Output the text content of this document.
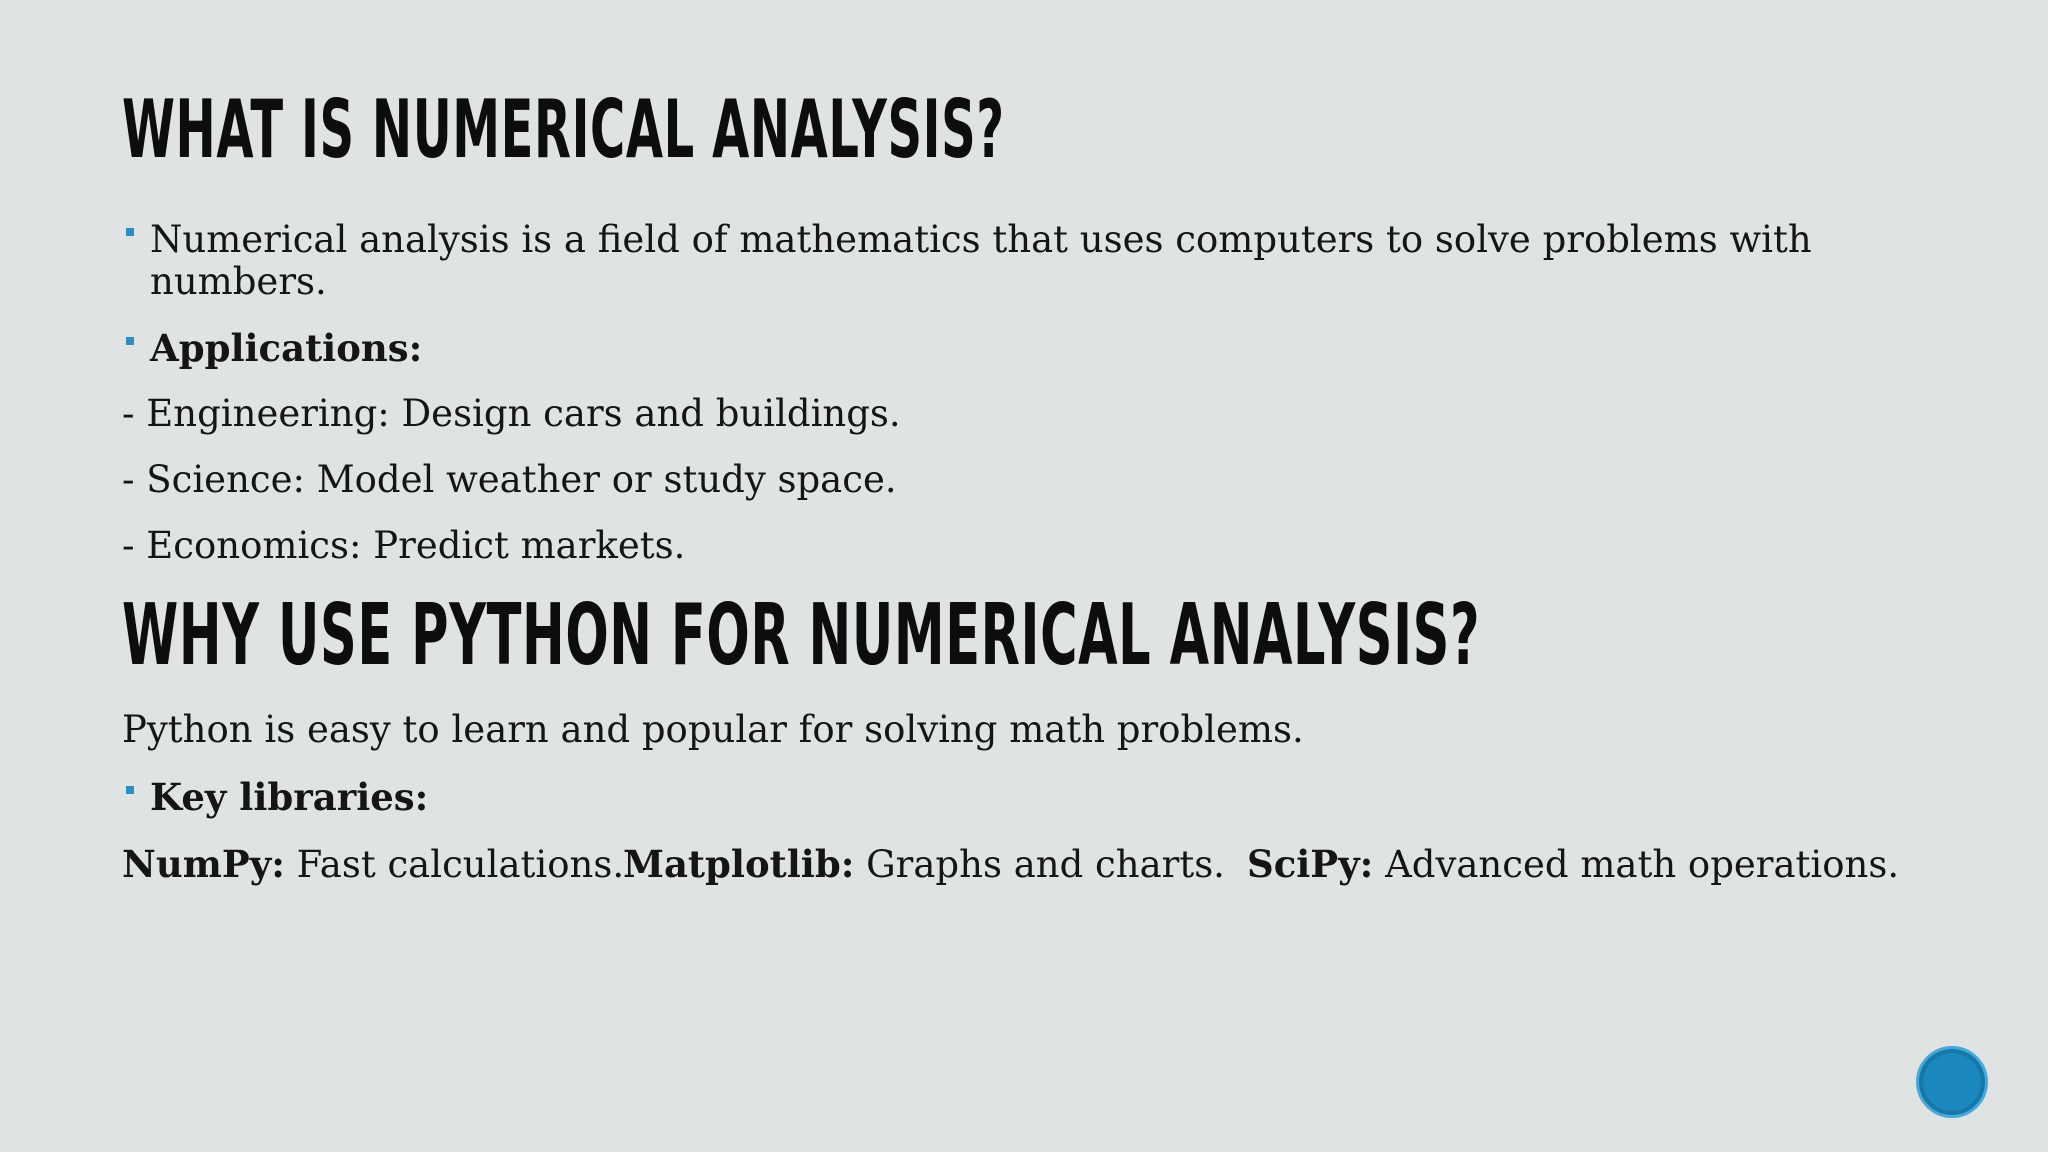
WHAT IS NUMERICAL ANALYSIS?
Numerical analysis is a field of mathematics that uses computers to solve problems with
numbers.
Applications:
- Engineering: Design cars and buildings.
- Science: Model weather or study space.
- Economics: Predict markets.
WHY USE PYTHON FOR NUMERICAL ANALYSIS?
Python is easy to learn and popular for solving math problems.
Key libraries:
NumPy: Fast calculations.
Matplotlib: Graphs and charts. SciPy: Advanced math operations.
